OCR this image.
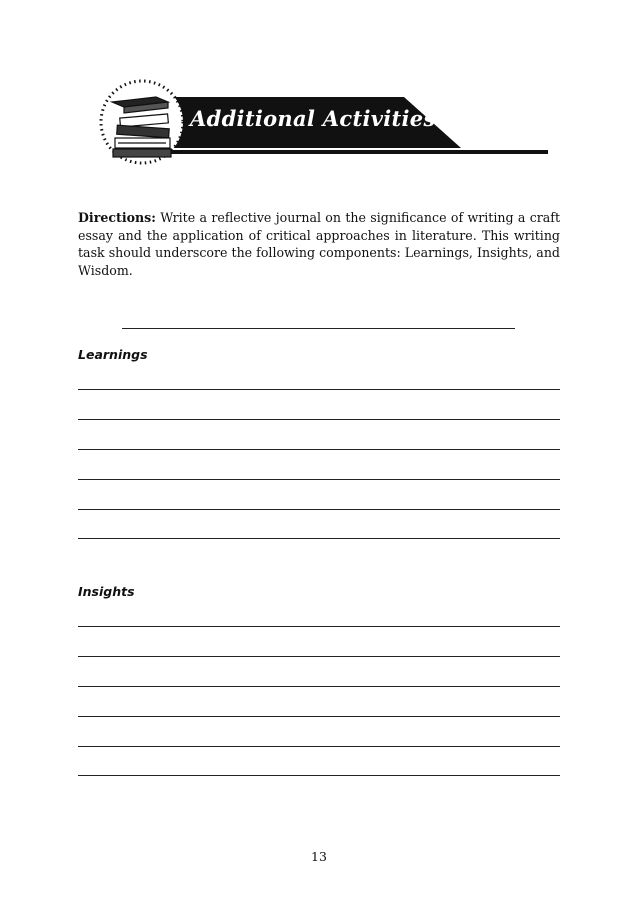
Additional Activities

Directions: Write a reflective journal on the significance of writing a craft essay and the application of critical approaches in literature. This writing task should underscore the following components: Learnings, Insights, and Wisdom.

Learnings
Insights
13
